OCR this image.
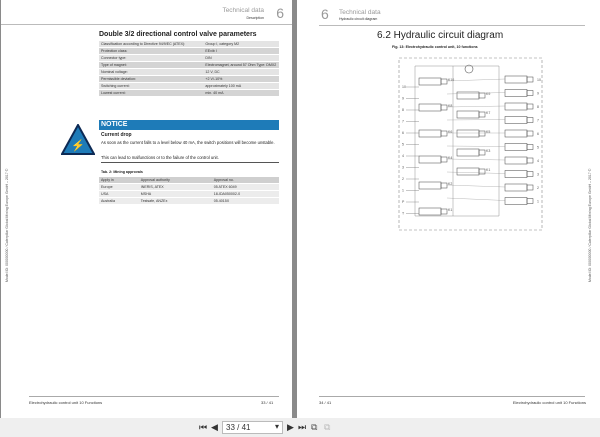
Technical data
Description 6
Model ID: 000000000 / Caterpillar Global Mining Europe GmbH – 2017 ©
Double 3/2 directional control valve parameters
Classification according to Directive 94/9/EC (ATEX):	Group I, category M2
Protection class:	EExib I
Connector type:	DIN
Type of magnet:	Electromagnet, around 57 Ohm Type: DMX2
Nominal voltage:	12 V, DC
Permissible deviation:	+2 V/-10%
Switching current:	approximately 100 mA
Lowest current:	min. 40 mA
NOTICE
⚡
Current drop
As soon as the current falls to a level below 40 mA, the switch positions will become unstable.
This can lead to malfunctions or to the failure of the control unit.
Tab. 2: Mining approvals
Apply in	Approval authority	Approval no.
Europe	INERIS, ATEX	05 ATEX 6049
USA	MSHA	18-IDA050002-0
Australia	Testsafe, ANZEx	05.4015X
Electrohydraulic control unit 10 Functions	33 / 41
6 Technical data
Hydraulic circuit diagram
Model ID: 000000000 / Caterpillar Global Mining Europe GmbH – 2017 ©
6.2 Hydraulic circuit diagram
Fig. 13: Electrohydraulic control unit, 10 functions
K10
K8
K6
K4
K2
K1
K9
K7
K5
K3
K1
10
9
8
7
6
5
4
3
2
1
10
9
8
7
6
5
4
3
2
1
P
T
34 / 41	Electrohydraulic control unit 10 Functions
⏮ ◀	33 / 41	▾ ▶ ⏭ ⧉ ⧉
